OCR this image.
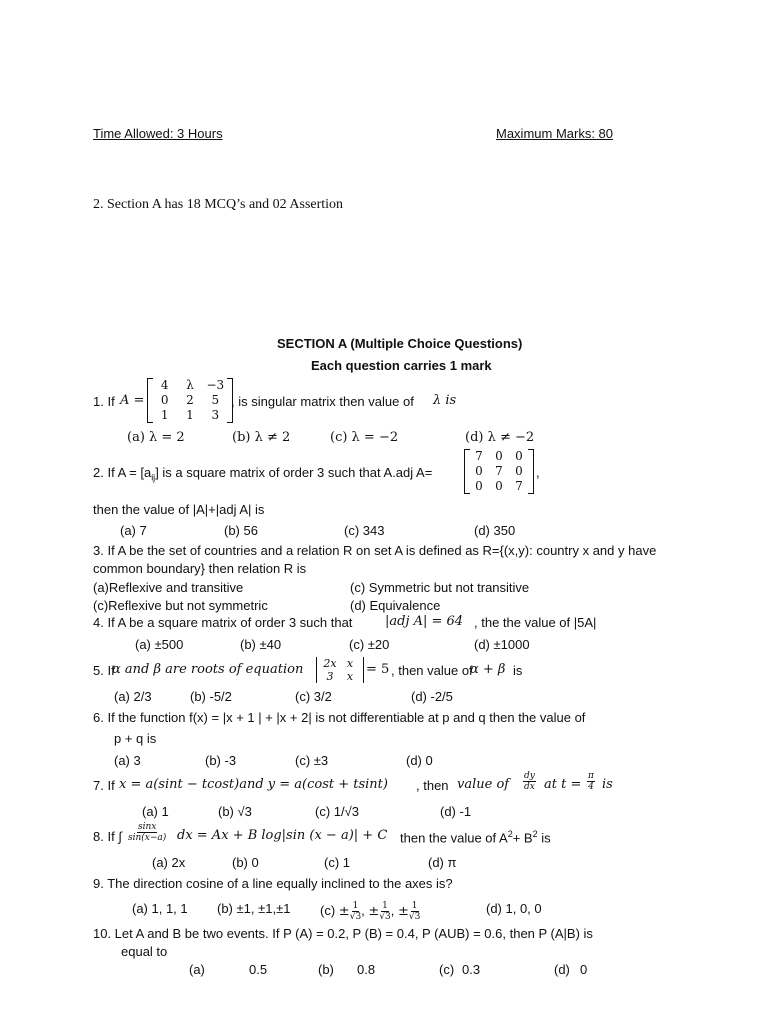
Time Allowed: 3 Hours	Maximum Marks: 80
2. Section A has 18 MCQ’s and 02 Assertion
SECTION A (Multiple Choice Questions)
Each question carries 1 mark
1. If A =
4	λ	−3
0	2	5
1	1	3
, is singular matrix then value of λ is
(a) λ = 2	(b) λ ≠ 2	(c) λ = −2	(d) λ ≠ −2
2. If $A = [a_{ij}]$ is a square matrix of order 3 such that A.adj A=
7	0	0
0	7	0
0	0	7
,
then the value of |A|+|adj A| is
(a) 7	(b) 56	(c) 343	(d) 350
3. If A be the set of countries and a relation R on set A is defined as R={(x,y): country x and y have
common boundary} then relation R is
(a)Reflexive and transitive	(c) Symmetric but not transitive
(c)Reflexive but not symmetric	(d) Equivalence
4. If A be a square matrix of order 3 such that	|adj A| = 64 , the the value of |5A|
(a) ±500	(b) ±40	(c) ±20	(d) ±1000
5. If
α and β are roots of equation	2x x
3	x = 5 , then value of
α + β is
(a) 2/3	(b) -5/2	(c) 3/2	(d) -2/5
6. If the function f(x) = |x + 1 | + |x + 2| is not differentiable at p and q then the value of
p + q is
(a) 3	(b) -3	(c) ±3	(d) 0
7. If x = a(sint − tcost)and y = a(cost + tsint) , then value of $\frac{dy}{dx}$ at $t = \frac{\pi}{4}$ is
(a) 1	(b) √3	(c) 1/√3	(d) -1
8. If ∫ $\frac{\sin x}{\sin(x-a)}$ dx = Ax + B log|sin (x − a)| + C then the value of $A^2+ B^2$ is
(a) 2x	(b) 0	(c) 1	(d) π
9. The direction cosine of a line equally inclined to the axes is?
(a) 1, 1, 1 (b) ±1, ±1,±1 $(c) \pm \frac{1}{√3}$ , ± $\frac{1}{√3}$ , ± $\frac{1}{√3}$	(d) 1, 0, 0
10. Let A and B be two events. If P (A) = 0.2, P (B) = 0.4, P (AUB) = 0.6, then P (A|B) is
equal to
(a)	0.5	(b) 0.8	(c) 0.3	(d) 0
